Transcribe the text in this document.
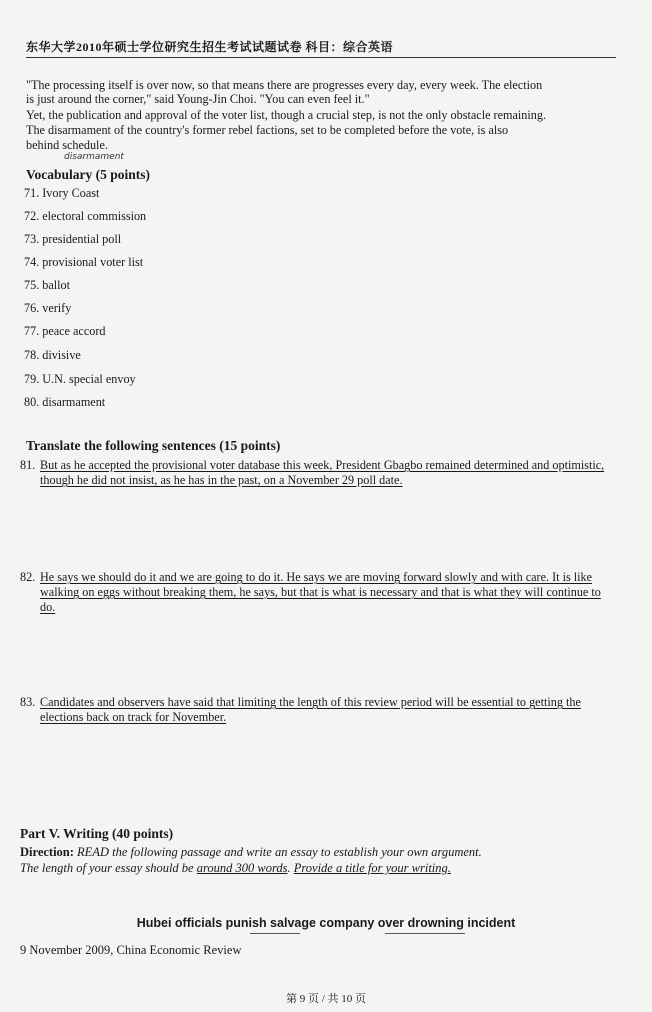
东华大学2010年硕士学位研究生招生考试试题试卷 科目：综合英语
"The processing itself is over now, so that means there are progresses every day, every week. The election
is just around the corner," said Young-Jin Choi. "You can even feel it."
Yet, the publication and approval of the voter list, though a crucial step, is not the only obstacle remaining.
The disarmament of the country's former rebel factions, set to be completed before the vote, is also
behind schedule.
disarmament
Vocabulary (5 points)
71. Ivory Coast
72. electoral commission
73. presidential poll
74. provisional voter list
75. ballot
76. verify
77. peace accord
78. divisive
79. U.N. special envoy
80. disarmament
Translate the following sentences (15 points)
81. But as he accepted the provisional voter database this week, President Gbagbo remained determined and optimistic, though he did not insist, as he has in the past, on a November 29 poll date.
82. He says we should do it and we are going to do it. He says we are moving forward slowly and with care. It is like walking on eggs without breaking them, he says, but that is what is necessary and that is what they will continue to do.
83. Candidates and observers have said that limiting the length of this review period will be essential to getting the elections back on track for November.
Part V. Writing (40 points)
Direction: READ the following passage and write an essay to establish your own argument.
The length of your essay should be around 300 words. Provide a title for your writing.
Hubei officials punish salvage company over drowning incident
9 November 2009, China Economic Review
第 9 页 / 共 10 页
